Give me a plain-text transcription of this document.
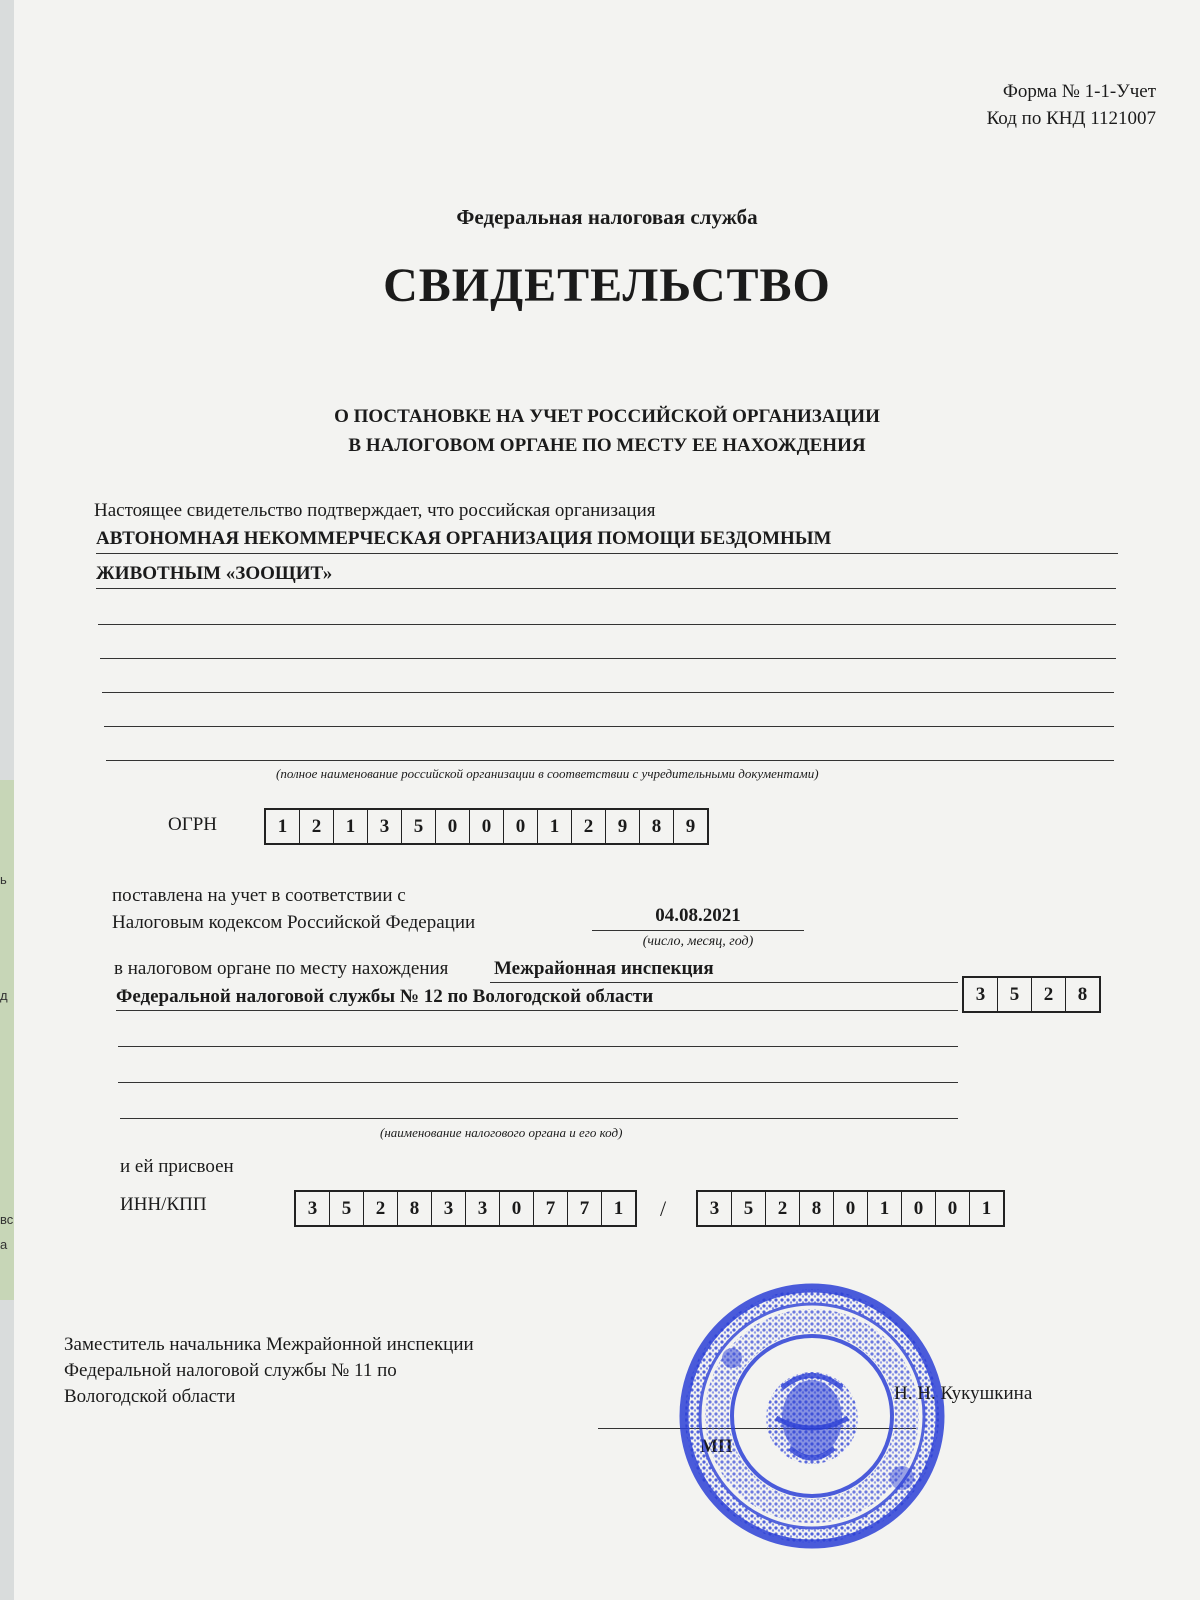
ь
д
вс
а
Форма № 1-1-Учет
Код по КНД 1121007
Федеральная налоговая служба
СВИДЕТЕЛЬСТВО
О ПОСТАНОВКЕ НА УЧЕТ РОССИЙСКОЙ ОРГАНИЗАЦИИ
В НАЛОГОВОМ ОРГАНЕ ПО МЕСТУ ЕЕ НАХОЖДЕНИЯ
Настоящее свидетельство подтверждает, что российская организация
АВТОНОМНАЯ НЕКОММЕРЧЕСКАЯ ОРГАНИЗАЦИЯ ПОМОЩИ БЕЗДОМНЫМ
ЖИВОТНЫМ «ЗООЩИТ»
(полное наименование российской организации в соответствии с учредительными документами)
ОГРН	1	2	1	3	5	0	0	0	1	2	9	8	9
поставлена на учет в соответствии с
Налоговым кодексом Российской Федерации	04.08.2021
(число, месяц, год)
в налоговом органе по месту нахождения Межрайонная инспекция
Федеральной налоговой службы № 12 по Вологодской области	3	5	2	8
(наименование налогового органа и его код)
и ей присвоен
ИНН/КПП	3	5	2	8	3	3	0	7	7	1	/	3	5	2	8	0	1	0	0	1
Заместитель начальника Межрайонной инспекции
Федеральной налоговой службы № 11 по
Вологодской области
МП
Н. Н. Кукушкина
